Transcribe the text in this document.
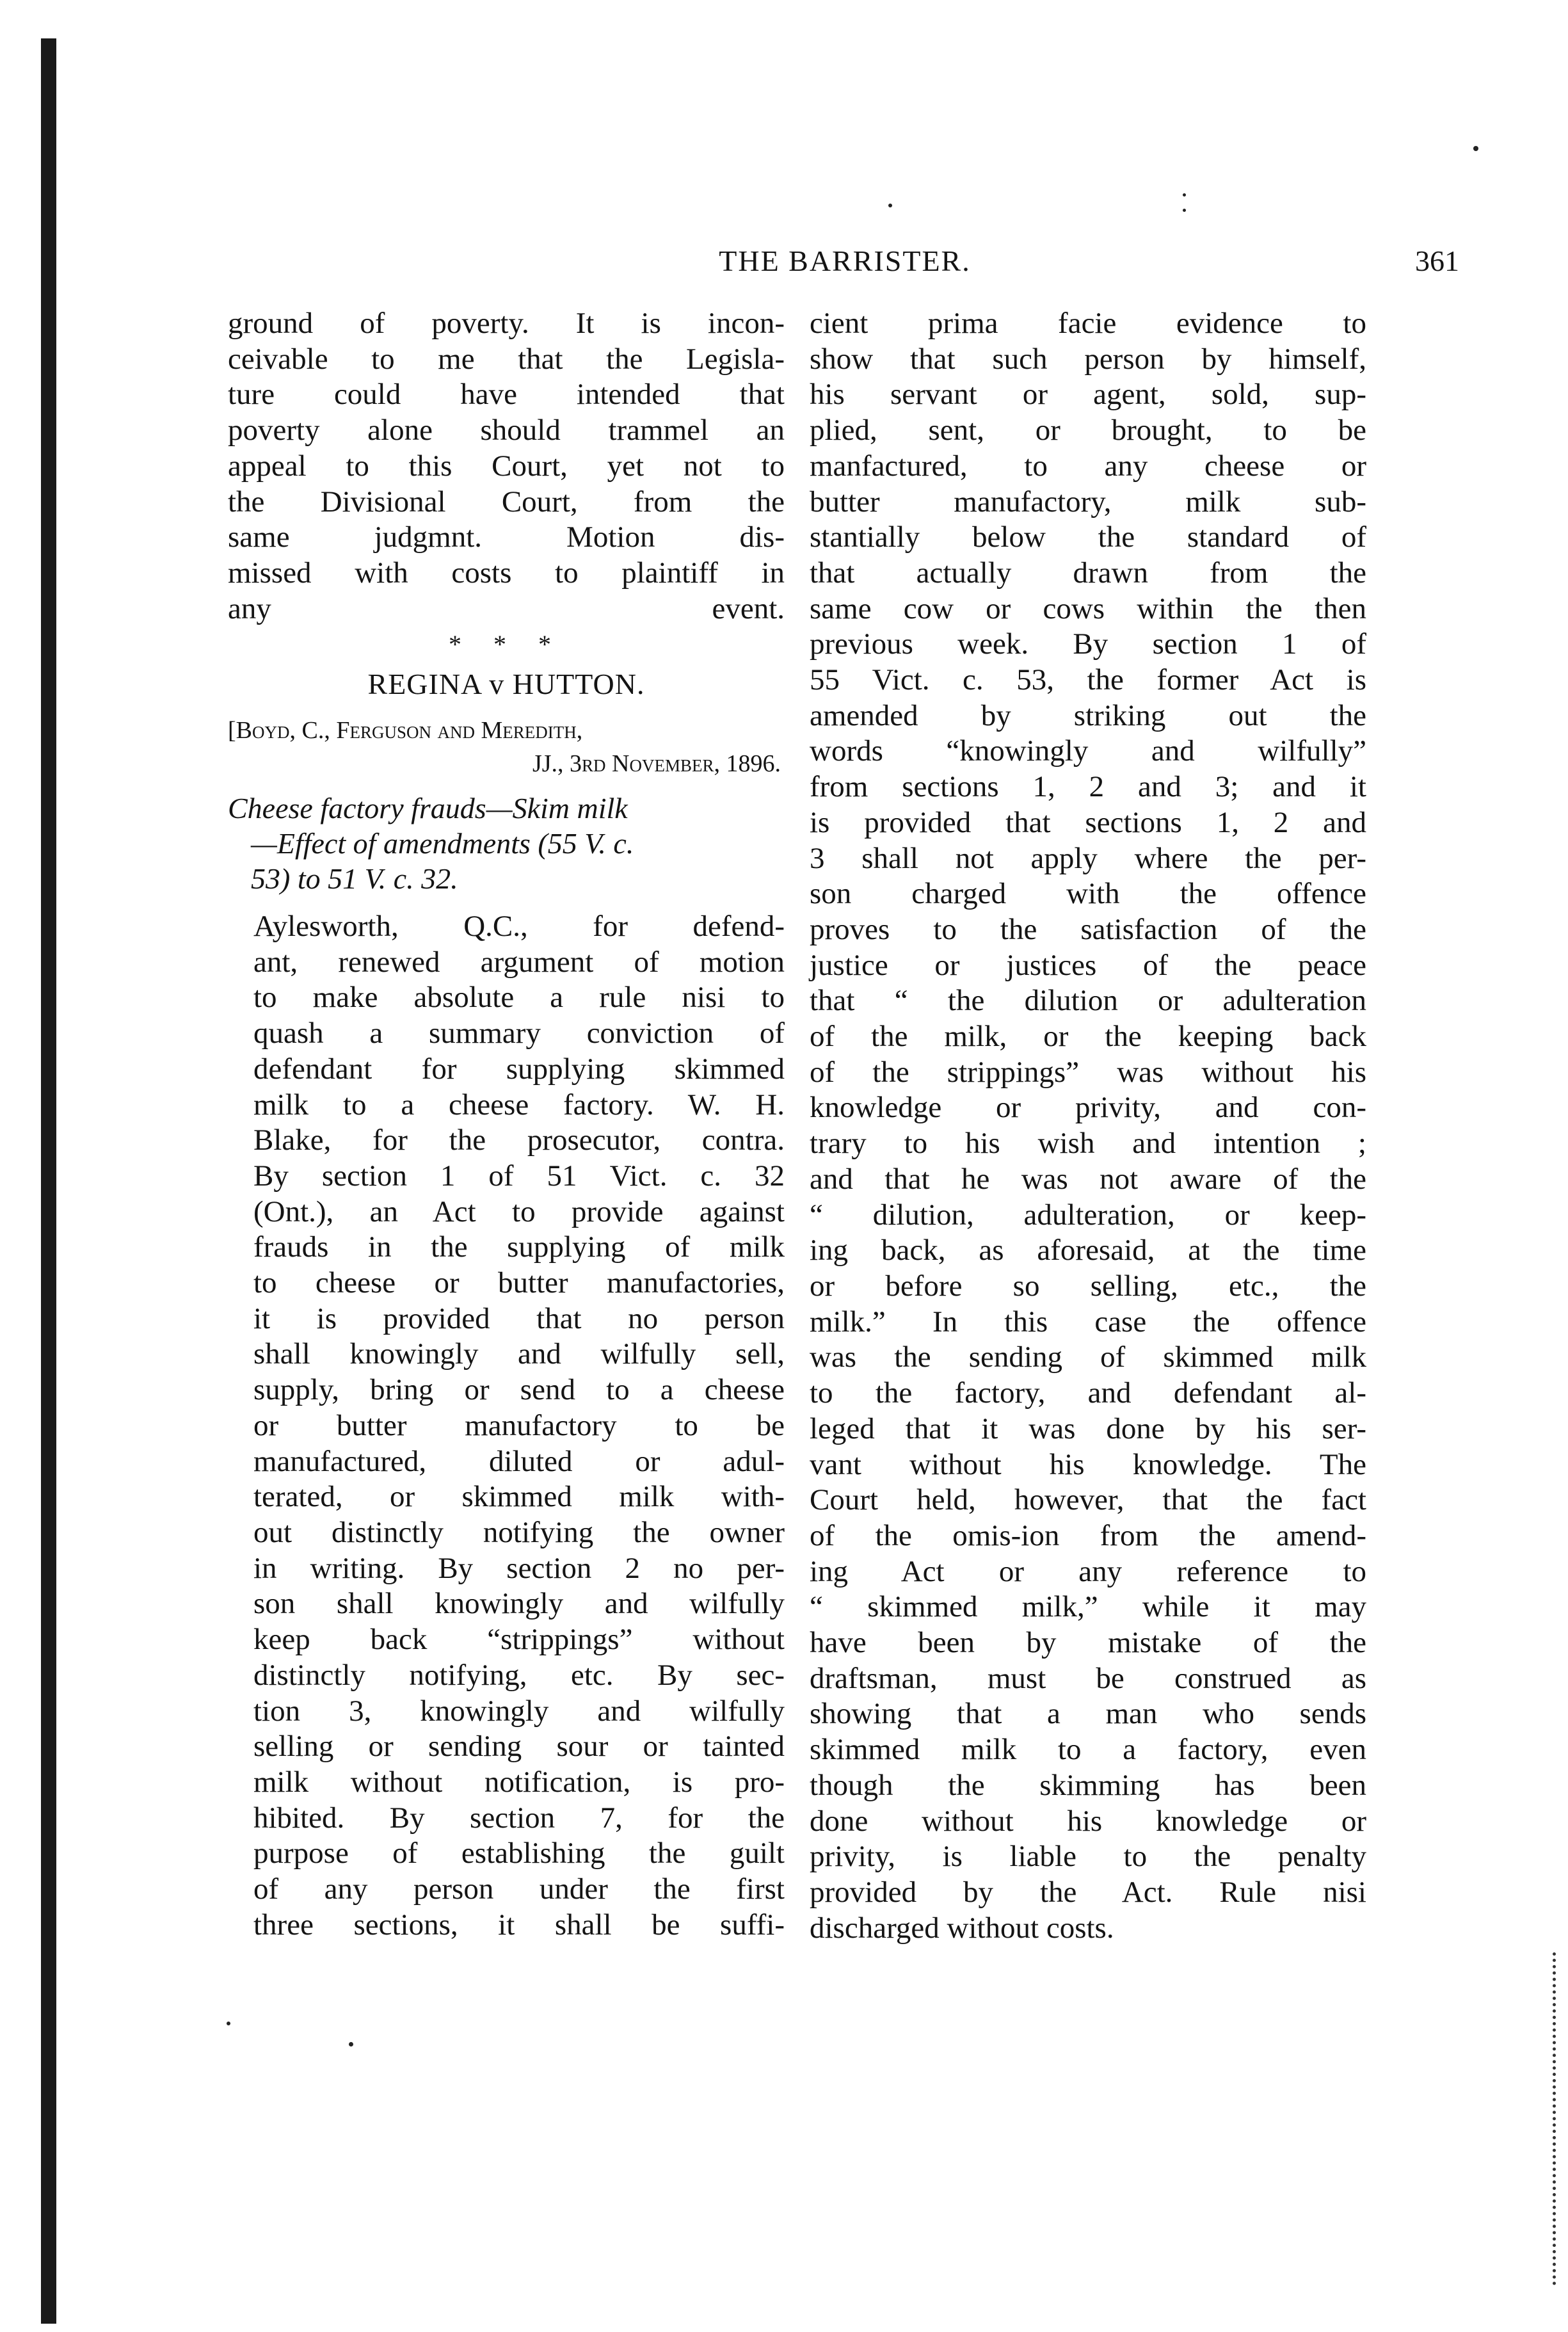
THE BARRISTER.	361

ground of poverty. It is incon-
ceivable to me that the Legisla-
ture could have intended that
poverty alone should trammel an
appeal to this Court, yet not to
the Divisional Court, from the
same judgmnt. Motion dis-
missed with costs to plaintiff in
any event.

* * *

REGINA v HUTTON.

[Boyd, C., Ferguson and Meredith,
JJ., 3rd November, 1896.

Cheese factory frauds—Skim milk
—Effect of amendments (55 V. c.
53) to 51 V. c. 32.

Aylesworth, Q.C., for defend-
ant, renewed argument of motion
to make absolute a rule nisi to
quash a summary conviction of
defendant for supplying skimmed
milk to a cheese factory. W. H.
Blake, for the prosecutor, contra.
By section 1 of 51 Vict. c. 32
(Ont.), an Act to provide against
frauds in the supplying of milk
to cheese or butter manufactories,
it is provided that no person
shall knowingly and wilfully sell,
supply, bring or send to a cheese
or butter manufactory to be
manufactured, diluted or adul-
terated, or skimmed milk with-
out distinctly notifying the owner
in writing. By section 2 no per-
son shall knowingly and wilfully
keep back “strippings” without
distinctly notifying, etc. By sec-
tion 3, knowingly and wilfully
selling or sending sour or tainted
milk without notification, is pro-
hibited. By section 7, for the
purpose of establishing the guilt
of any person under the first
three sections, it shall be suffi-

cient prima facie evidence to
show that such person by himself,
his servant or agent, sold, sup-
plied, sent, or brought, to be
manfactured, to any cheese or
butter manufactory, milk sub-
stantially below the standard of
that actually drawn from the
same cow or cows within the then
previous week. By section 1 of
55 Vict. c. 53, the former Act is
amended by striking out the
words “knowingly and wilfully”
from sections 1, 2 and 3; and it
is provided that sections 1, 2 and
3 shall not apply where the per-
son charged with the offence
proves to the satisfaction of the
justice or justices of the peace
that “ the dilution or adulteration
of the milk, or the keeping back
of the strippings” was without his
knowledge or privity, and con-
trary to his wish and intention ;
and that he was not aware of the
“ dilution, adulteration, or keep-
ing back, as aforesaid, at the time
or before so selling, etc., the
milk.” In this case the offence
was the sending of skimmed milk
to the factory, and defendant al-
leged that it was done by his ser-
vant without his knowledge. The
Court held, however, that the fact
of the omis-ion from the amend-
ing Act or any reference to
“ skimmed milk,” while it may
have been by mistake of the
draftsman, must be construed as
showing that a man who sends
skimmed milk to a factory, even
though the skimming has been
done without his knowledge or
privity, is liable to the penalty
provided by the Act. Rule nisi
discharged without costs.
